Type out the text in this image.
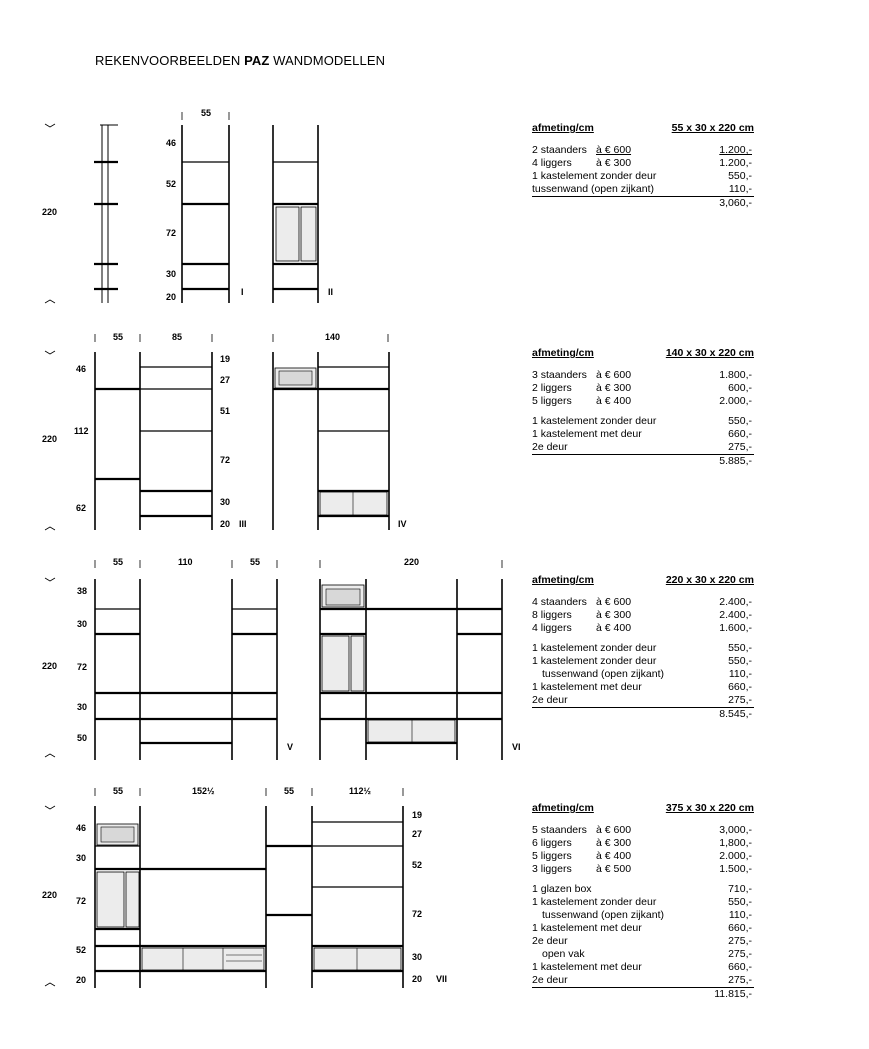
REKENVOORBEELDEN PAZ WANDMODELLEN
220
55
46
52
72
30
20	I	II
220
55	85	140
46
112
62
19
27
51
72
30
20 III	IV
220
55	110	55	220
38
30
72
30
50
V	VI
220
55	152½	55	112½
46
30
72
52
20
19
27
52
72
30
20 VII
afmeting/cm	55 x 30 x 220 cm
2 staanders à € 600	1.200,-
4 liggers à € 300	1.200,-
1 kastelement zonder deur	550,-
tussenwand (open zijkant)	110,-
3,060,-
afmeting/cm	140 x 30 x 220 cm
3 staanders à € 600	1.800,-
2 liggers à € 300	600,-
5 liggers à € 400	2.000,-
1 kastelement zonder deur	550,-
1 kastelement met deur	660,-
2e deur	275,-
5.885,-
afmeting/cm	220 x 30 x 220 cm
4 staanders à € 600	2.400,-
8 liggers à € 300	2.400,-
4 liggers à € 400	1.600,-
1 kastelement zonder deur	550,-
1 kastelement zonder deur	550,-
tussenwand (open zijkant)	110,-
1 kastelement met deur	660,-
2e deur	275,-
8.545,-
afmeting/cm	375 x 30 x 220 cm
5 staanders à € 600	3,000,-
6 liggers à € 300	1,800,-
5 liggers à € 400	2.000,-
3 liggers à € 500	1.500,-
1 glazen box	710,-
1 kastelement zonder deur	550,-
tussenwand (open zijkant)	110,-
1 kastelement met deur	660,-
2e deur	275,-
open vak	275,-
1 kastelement met deur	660,-
2e deur	275,-
11.815,-
